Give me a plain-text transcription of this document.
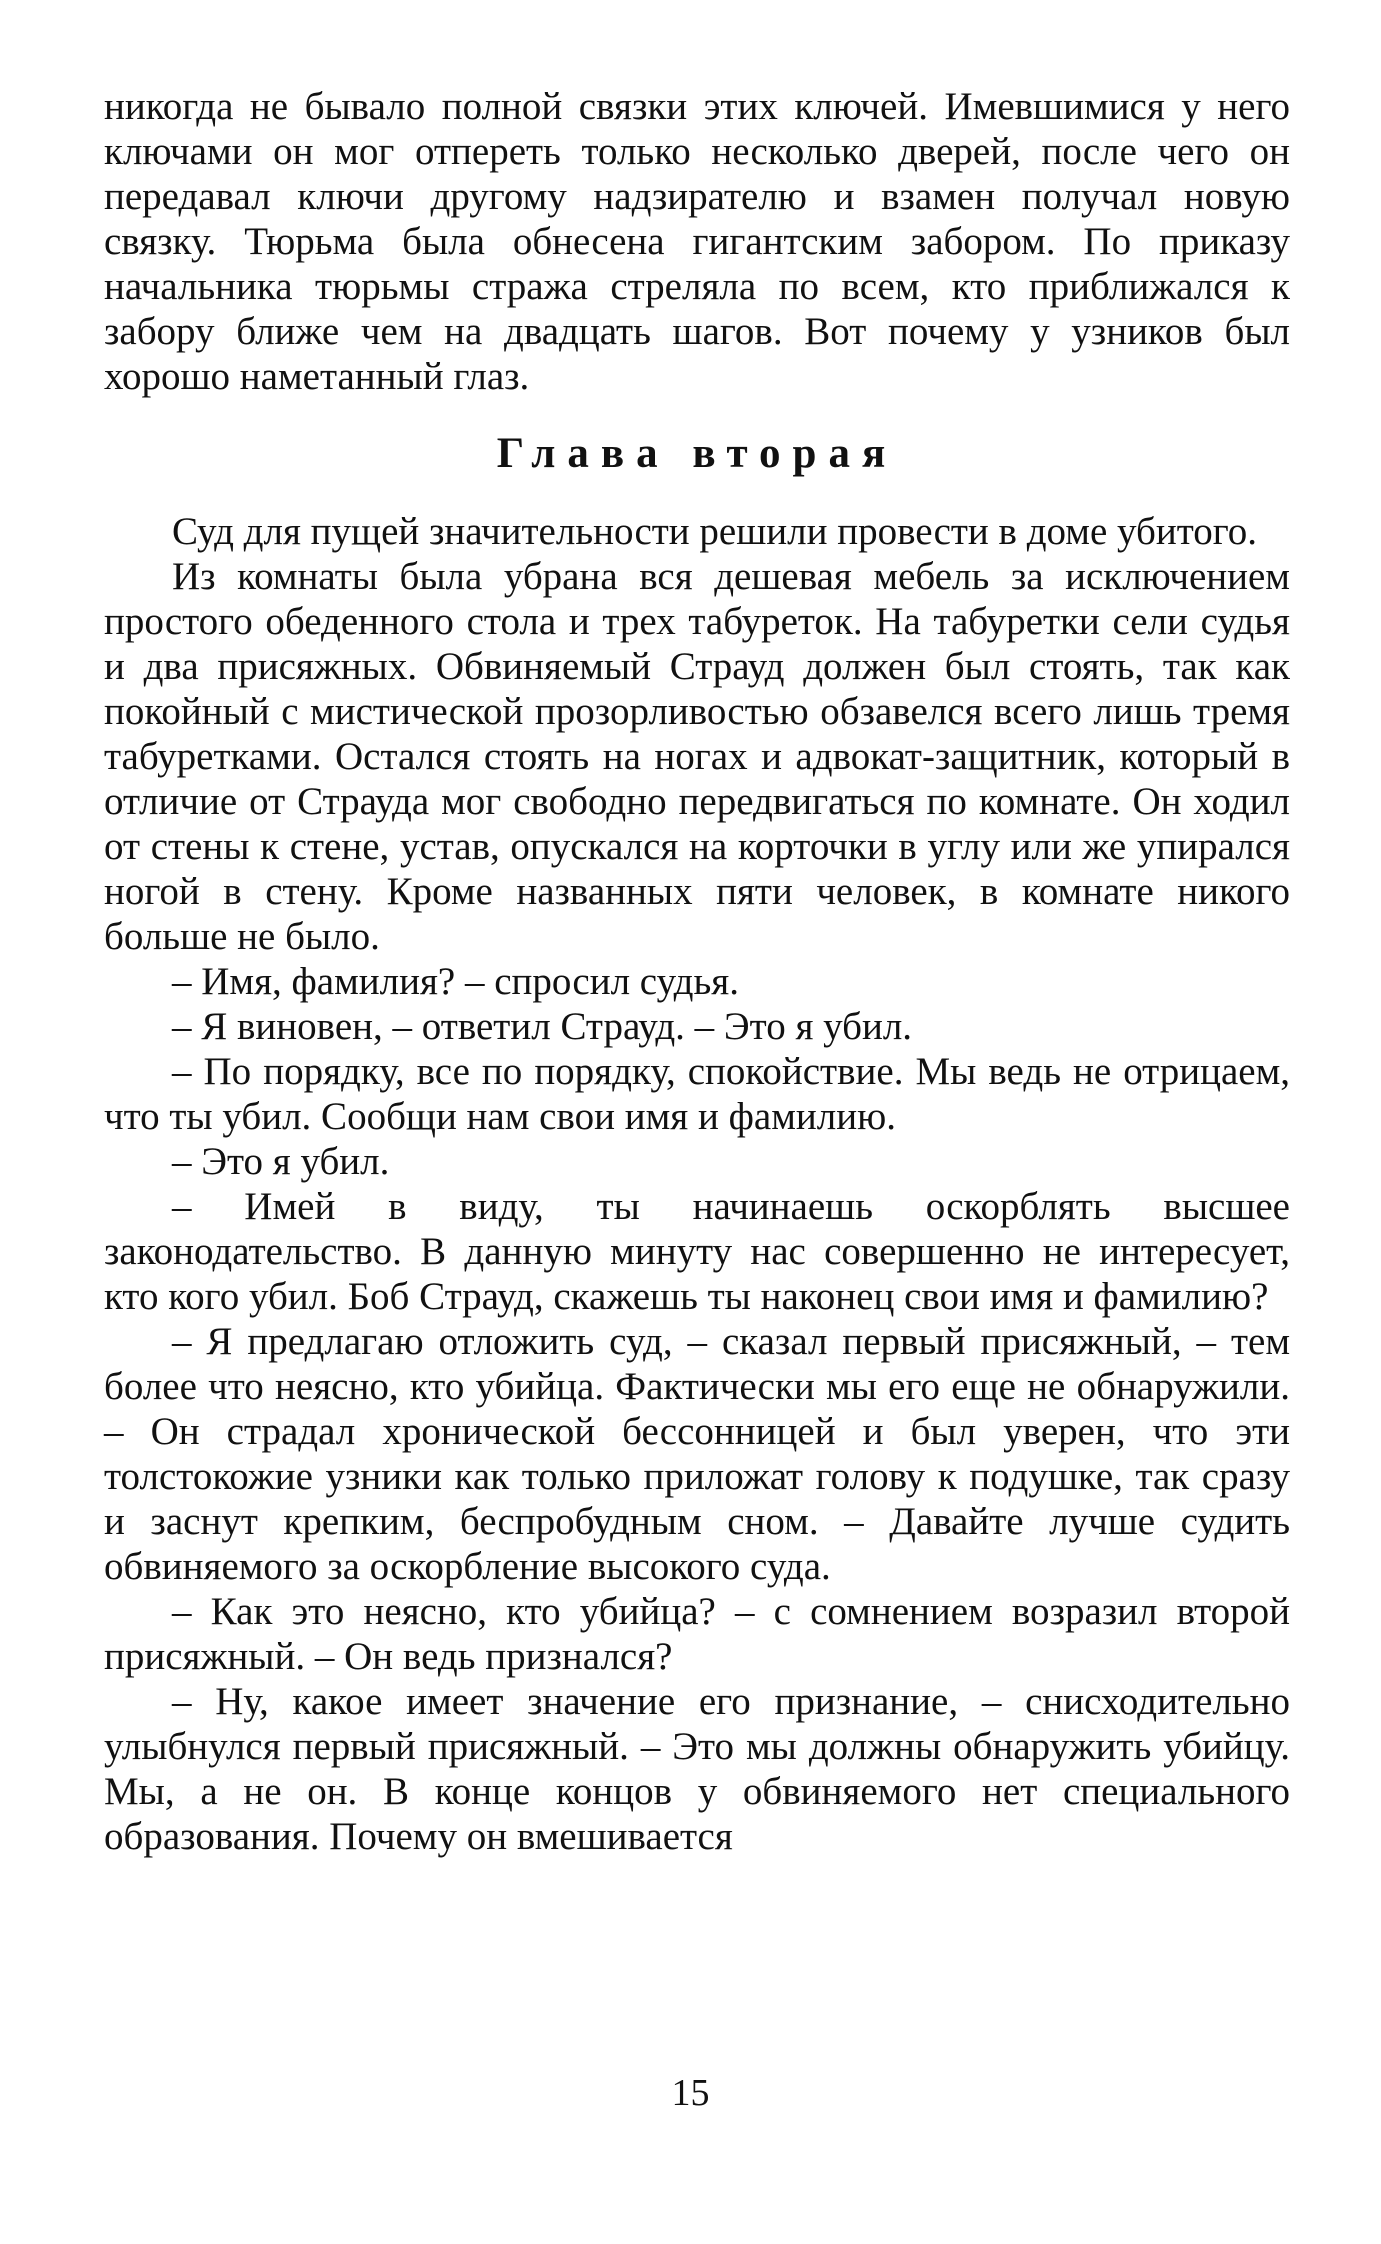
никогда не бывало полной связки этих ключей. Имевшимися у него ключами он мог отпереть только несколько дверей, после чего он передавал ключи другому надзирателю и взамен получал новую связку. Тюрьма была обнесена гигантским забором. По приказу начальника тюрьмы стража стреляла по всем, кто приближался к забору ближе чем на двадцать шагов. Вот почему у узников был хорошо наметанный глаз.

Глава вторая

Суд для пущей значительности решили провести в доме убитого.

Из комнаты была убрана вся дешевая мебель за исключением простого обеденного стола и трех табуреток. На табуретки сели судья и два присяжных. Обвиняемый Страуд должен был стоять, так как покойный с мистической прозорливостью обзавелся всего лишь тремя табуретками. Остался стоять на ногах и адвокат-защитник, который в отличие от Страуда мог свободно передвигаться по комнате. Он ходил от стены к стене, устав, опускался на корточки в углу или же упирался ногой в стену. Кроме названных пяти человек, в комнате никого больше не было.

– Имя, фамилия? – спросил судья.

– Я виновен, – ответил Страуд. – Это я убил.

– По порядку, все по порядку, спокойствие. Мы ведь не отрицаем, что ты убил. Сообщи нам свои имя и фамилию.

– Это я убил.

– Имей в виду, ты начинаешь оскорблять высшее законодательство. В данную минуту нас совершенно не интересует, кто кого убил. Боб Страуд, скажешь ты наконец свои имя и фамилию?

– Я предлагаю отложить суд, – сказал первый присяжный, – тем более что неясно, кто убийца. Фактически мы его еще не обнаружили. – Он страдал хронической бессонницей и был уверен, что эти толстокожие узники как только приложат голову к подушке, так сразу и заснут крепким, беспробудным сном. – Давайте лучше судить обвиняемого за оскорбление высокого суда.

– Как это неясно, кто убийца? – с сомнением возразил второй присяжный. – Он ведь признался?

– Ну, какое имеет значение его признание, – снисходительно улыбнулся первый присяжный. – Это мы должны обнаружить убийцу. Мы, а не он. В конце концов у обвиняемого нет специального образования. Почему он вмешивается

15
